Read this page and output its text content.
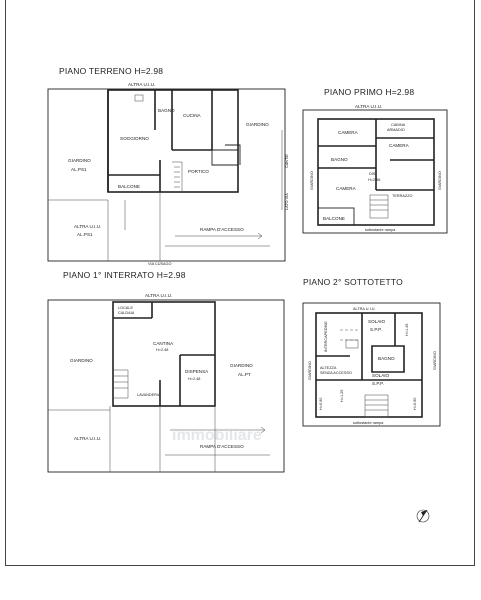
PIANO TERRENO H=2.98
ALTRA U.I.U.
SOGGIORNO
BAGNO
CUCINA
GIARDINO
GIARDINO
AL.PS1	PORTICO
BALCONE
CANTIE
LATO VIA
ALTRA U.I.U.
AL.PS1
RAMPA D'ACCESSO
VIA CUSAGO
PIANO PRIMO H=2.98
ALTRA U.I.U.
CAMERA
CABINA
ARMADIO
CAMERA
BAGNO
DIS.
H=2.96
CAMERA
TERRAZZO
GIARDINO	GIARDINO
BALCONE
sottostante rampa
PIANO 1° INTERRATO H=2.98
ALTRA U.I.U.
LOCALE
CALDAIA
CANTINA
H=2.48
DISPENSA
H=2.48
GIARDINO
GIARDINO
AL.PT
LAVANDERIA
ALTRA U.I.U.
RAMPA D'ACCESSO
PIANO 2° SOTTOTETTO
ALTRA U.I.U.
SOLAIO
S.P.P.
BAGNO
INTERCAPEDINE
ALTEZZA
SENZA ACCESSO	SOLAIO
S.P.P.
GIARDINO
GIARDINO
H=1.45
H=1.25
H=0.90	H=0.90
sottostante rampa
immobiliare
